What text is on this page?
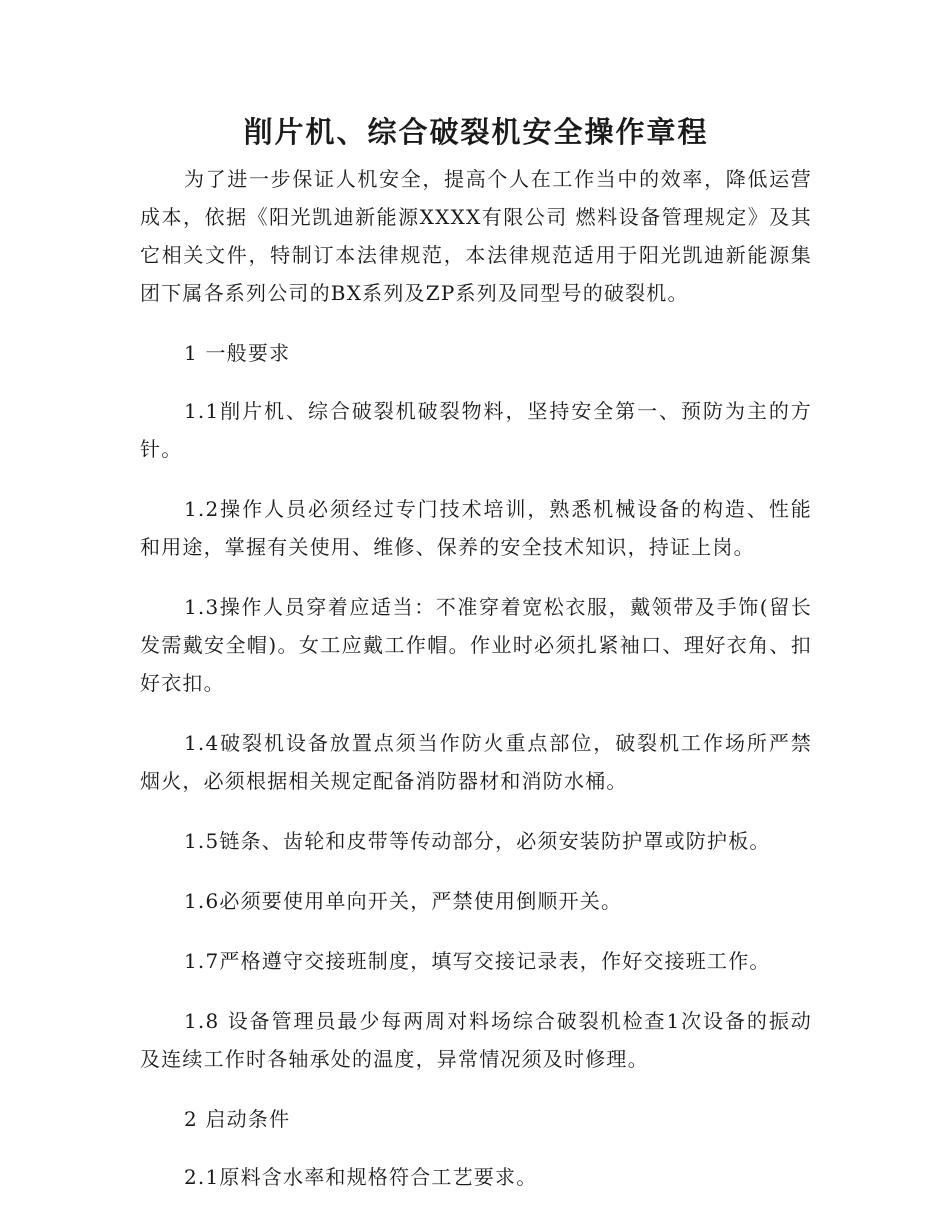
削片机、综合破裂机安全操作章程

为了进一步保证人机安全，提高个人在工作当中的效率，降低运营成本，依据《阳光凯迪新能源XXXX有限公司 燃料设备管理规定》及其它相关文件，特制订本法律规范，本法律规范适用于阳光凯迪新能源集团下属各系列公司的BX系列及ZP系列及同型号的破裂机。

1 一般要求

1.1削片机、综合破裂机破裂物料，坚持安全第一、预防为主的方针。

1.2操作人员必须经过专门技术培训，熟悉机械设备的构造、性能和用途，掌握有关使用、维修、保养的安全技术知识，持证上岗。

1.3操作人员穿着应适当：不准穿着宽松衣服，戴领带及手饰(留长发需戴安全帽)。女工应戴工作帽。作业时必须扎紧袖口、理好衣角、扣好衣扣。

1.4破裂机设备放置点须当作防火重点部位，破裂机工作场所严禁烟火，必须根据相关规定配备消防器材和消防水桶。

1.5链条、齿轮和皮带等传动部分，必须安装防护罩或防护板。

1.6必须要使用单向开关，严禁使用倒顺开关。

1.7严格遵守交接班制度，填写交接记录表，作好交接班工作。

1.8 设备管理员最少每两周对料场综合破裂机检查1次设备的振动及连续工作时各轴承处的温度，异常情况须及时修理。

2 启动条件

2.1原料含水率和规格符合工艺要求。
